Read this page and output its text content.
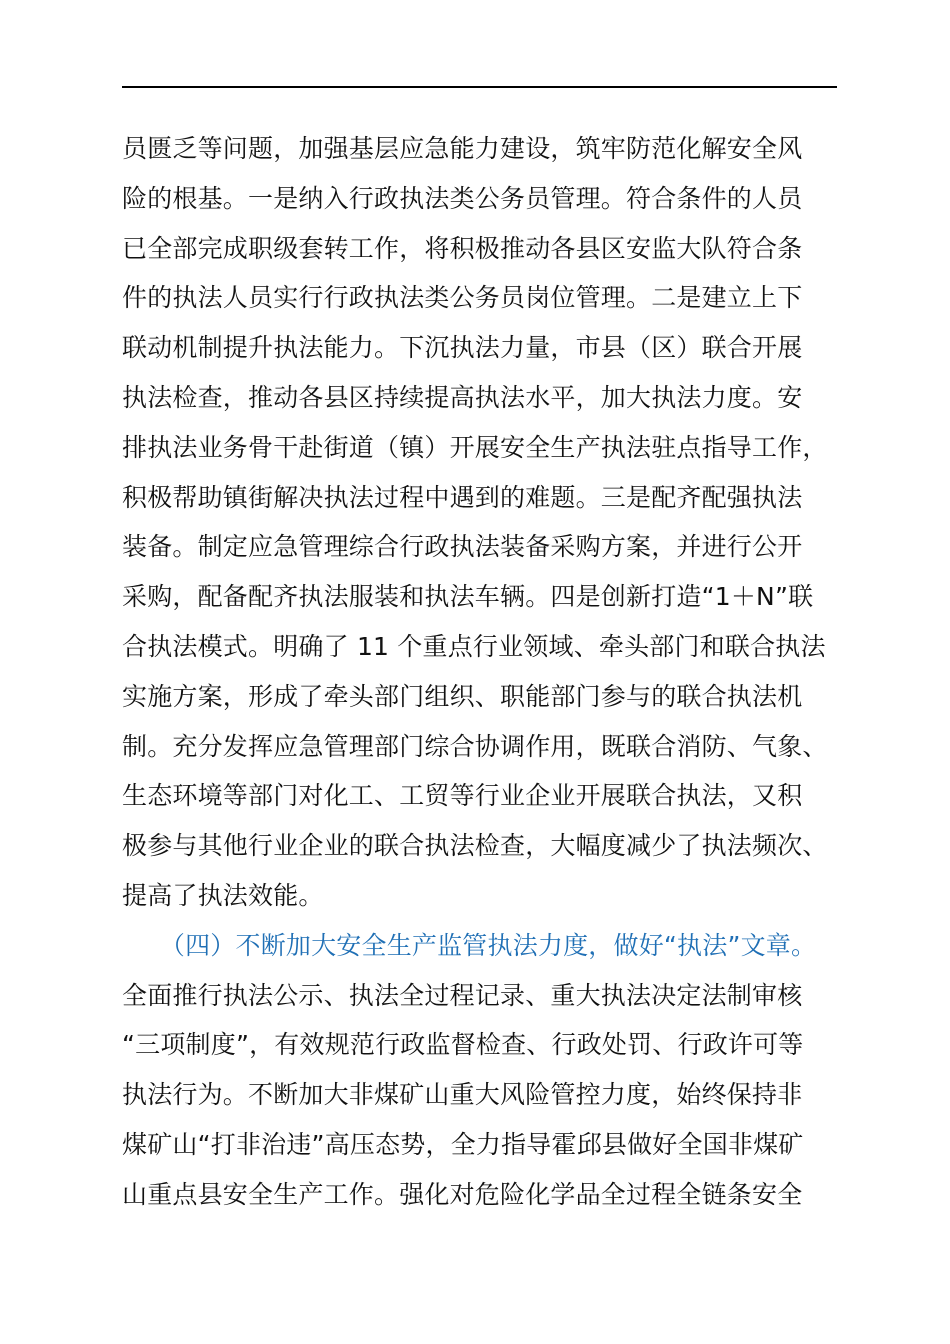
员匮乏等问题，加强基层应急能力建设，筑牢防范化解安全风
险的根基。一是纳入行政执法类公务员管理。符合条件的人员
已全部完成职级套转工作，将积极推动各县区安监大队符合条
件的执法人员实行行政执法类公务员岗位管理。二是建立上下
联动机制提升执法能力。下沉执法力量，市县（区）联合开展
执法检查，推动各县区持续提高执法水平，加大执法力度。安
排执法业务骨干赴街道（镇）开展安全生产执法驻点指导工作，
积极帮助镇街解决执法过程中遇到的难题。三是配齐配强执法
装备。制定应急管理综合行政执法装备采购方案，并进行公开
采购，配备配齐执法服装和执法车辆。四是创新打造“1＋N”联
合执法模式。明确了 11 个重点行业领域、牵头部门和联合执法
实施方案，形成了牵头部门组织、职能部门参与的联合执法机
制。充分发挥应急管理部门综合协调作用，既联合消防、气象、
生态环境等部门对化工、工贸等行业企业开展联合执法，又积
极参与其他行业企业的联合执法检查，大幅度减少了执法频次、
提高了执法效能。
　　（四）不断加大安全生产监管执法力度，做好“执法”文章。
全面推行执法公示、执法全过程记录、重大执法决定法制审核
“三项制度”，有效规范行政监督检查、行政处罚、行政许可等
执法行为。不断加大非煤矿山重大风险管控力度，始终保持非
煤矿山“打非治违”高压态势，全力指导霍邱县做好全国非煤矿
山重点县安全生产工作。强化对危险化学品全过程全链条安全
